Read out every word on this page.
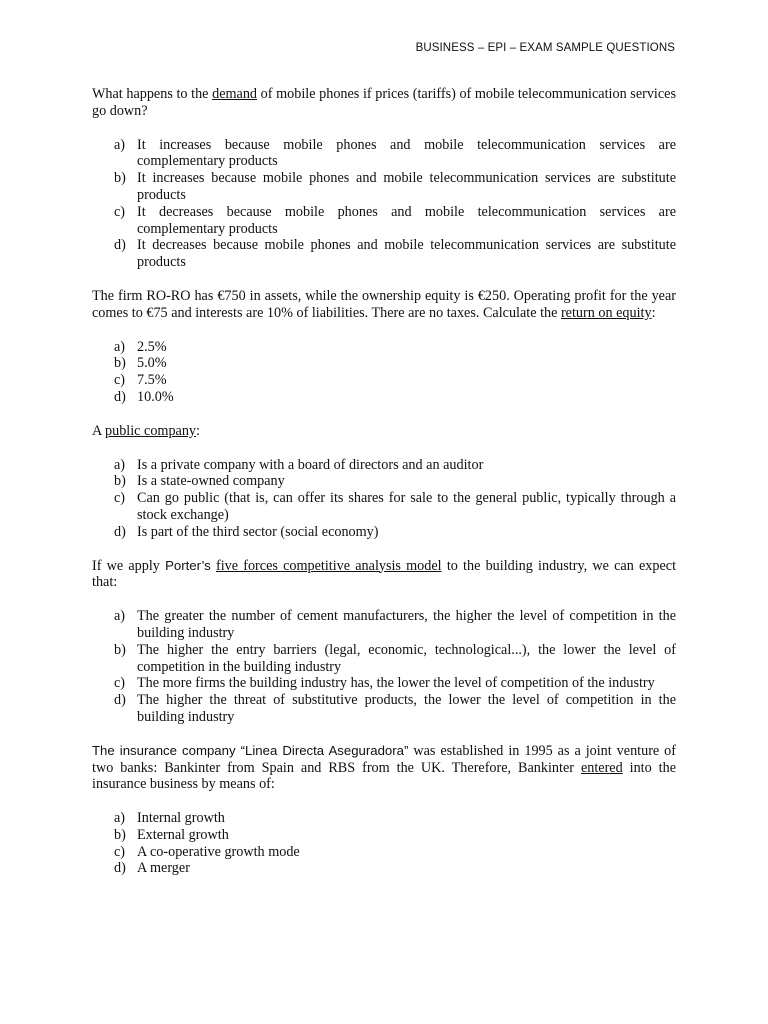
BUSINESS – EPI – EXAM SAMPLE QUESTIONS

What happens to the demand of mobile phones if prices (tariffs) of mobile telecommunication services go down?

a) It increases because mobile phones and mobile telecommunication services are complementary products
b) It increases because mobile phones and mobile telecommunication services are substitute products
c) It decreases because mobile phones and mobile telecommunication services are complementary products
d) It decreases because mobile phones and mobile telecommunication services are substitute products

The firm RO-RO has €750 in assets, while the ownership equity is €250. Operating profit for the year comes to €75 and interests are 10% of liabilities. There are no taxes. Calculate the return on equity:

a) 2.5%
b) 5.0%
c) 7.5%
d) 10.0%

A public company:

a) Is a private company with a board of directors and an auditor
b) Is a state-owned company
c) Can go public (that is, can offer its shares for sale to the general public, typically through a stock exchange)
d) Is part of the third sector (social economy)

If we apply Porter’s five forces competitive analysis model to the building industry, we can expect that:

a) The greater the number of cement manufacturers, the higher the level of competition in the building industry
b) The higher the entry barriers (legal, economic, technological...), the lower the level of competition in the building industry
c) The more firms the building industry has, the lower the level of competition of the industry
d) The higher the threat of substitutive products, the lower the level of competition in the building industry

The insurance company “Linea Directa Aseguradora” was established in 1995 as a joint venture of two banks: Bankinter from Spain and RBS from the UK. Therefore, Bankinter entered into the insurance business by means of:

a) Internal growth
b) External growth
c) A co-operative growth mode
d) A merger
